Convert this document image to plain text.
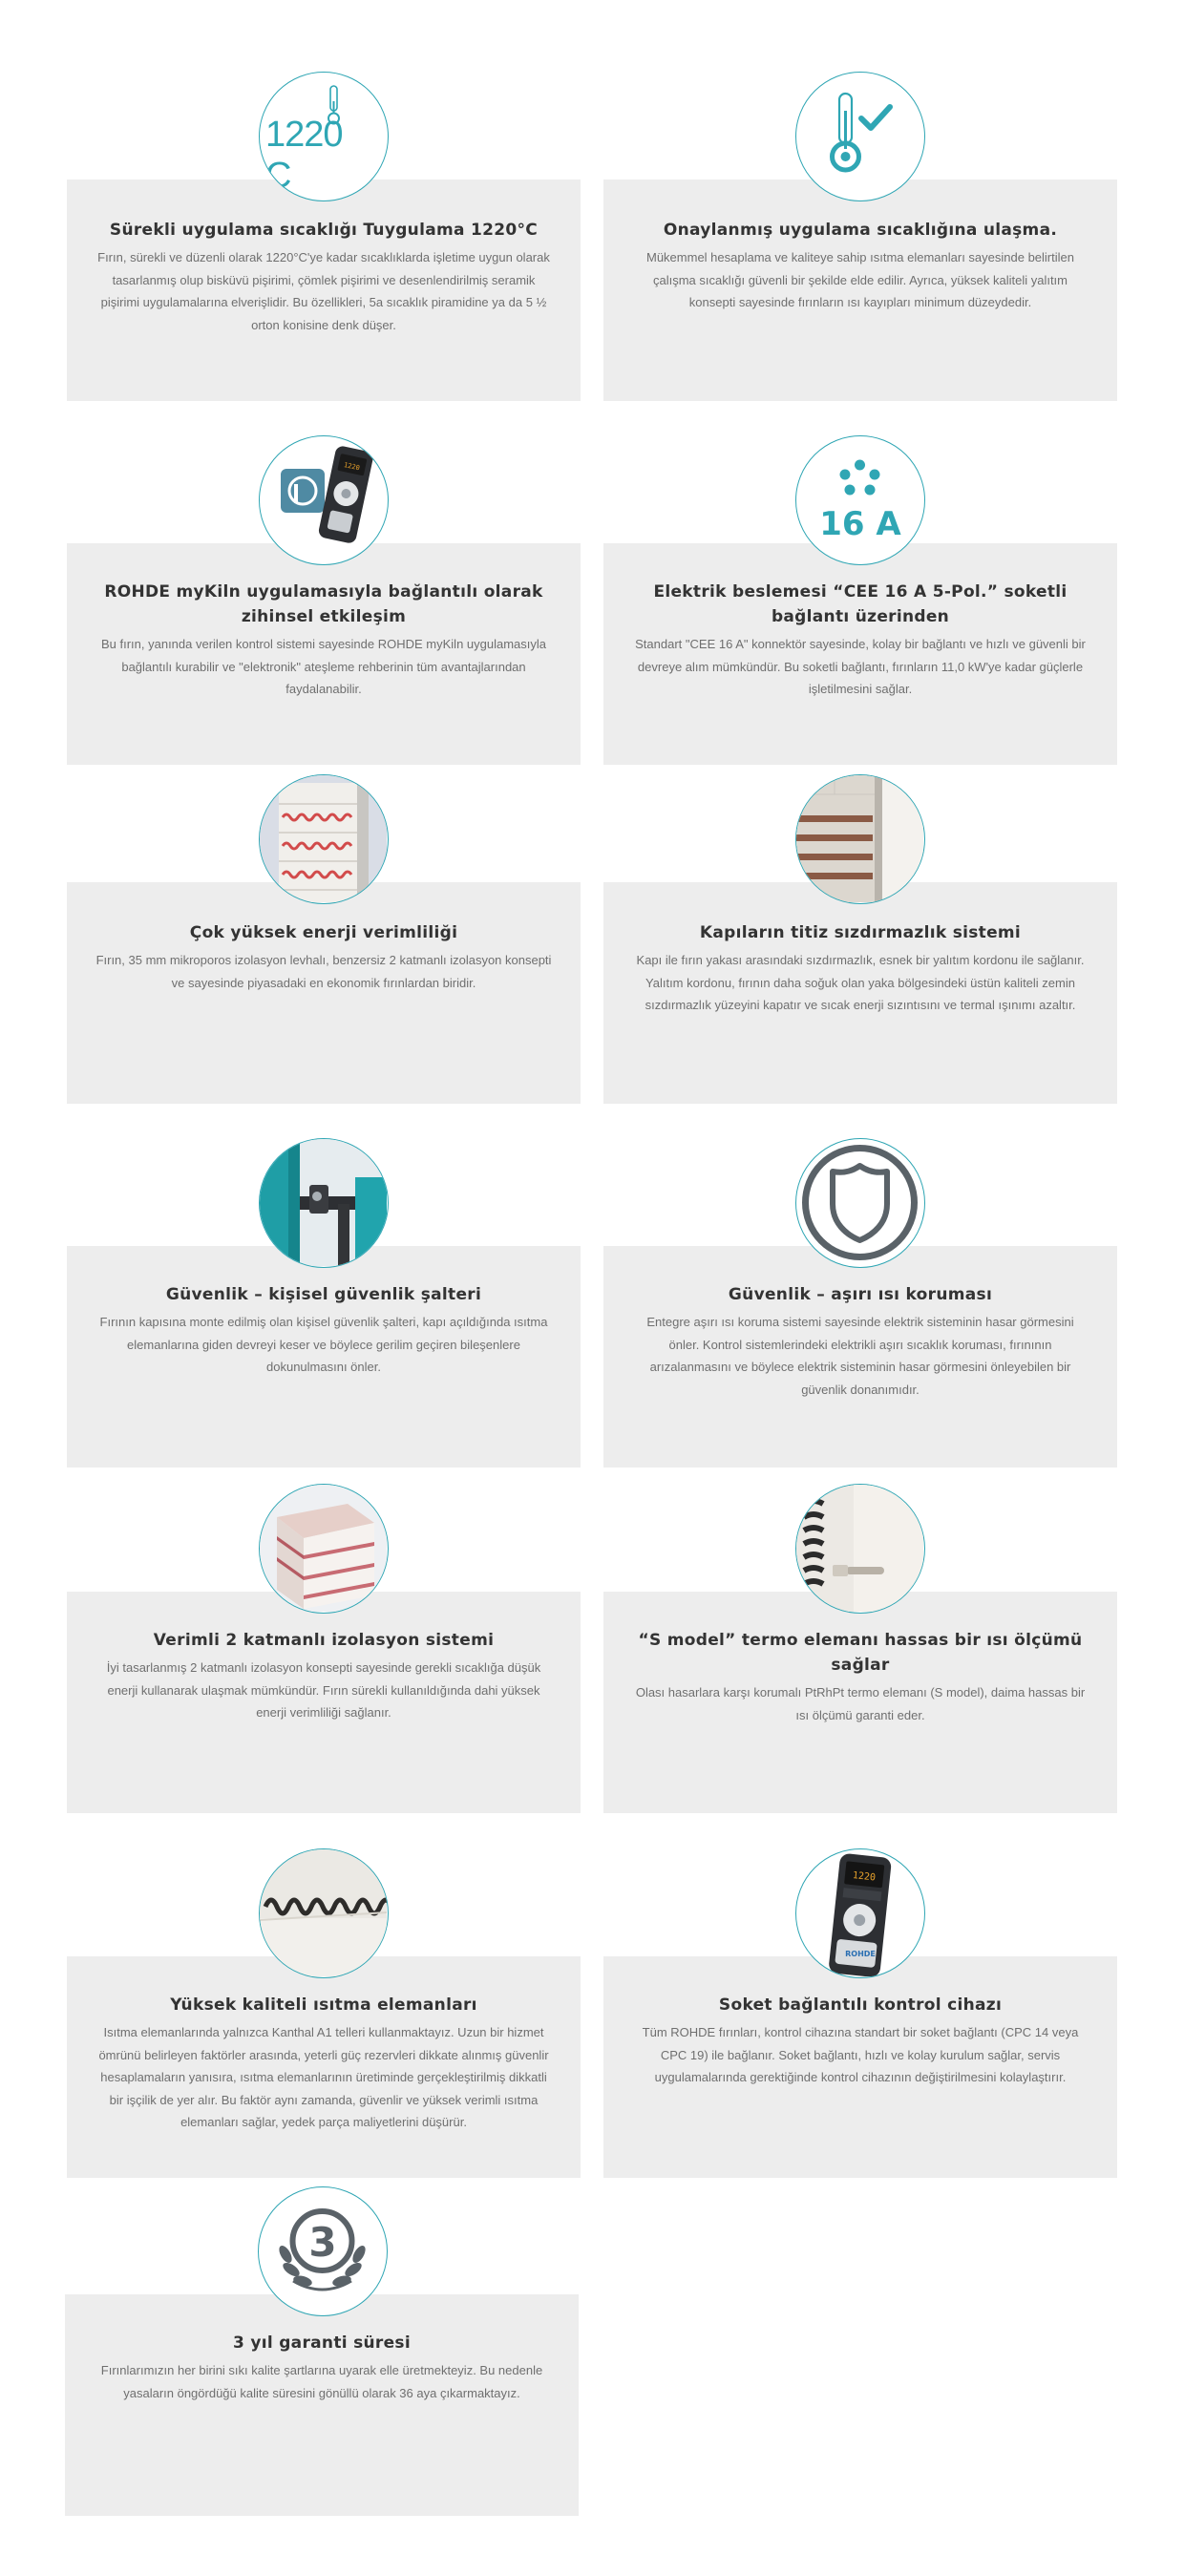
Sürekli uygulama sıcaklığı Tuygulama 1220°C

Fırın, sürekli ve düzenli olarak 1220°C'ye kadar sıcaklıklarda işletime uygun olarak tasarlanmış olup bisküvü pişirimi, çömlek pişirimi ve desenlendirilmiş seramik pişirimi uygulamalarına elverişlidir. Bu özellikleri, 5a sıcaklık piramidine ya da 5 ½ orton konisine denk düşer.

1220C
Onaylanmış uygulama sıcaklığına ulaşma.

Mükemmel hesaplama ve kaliteye sahip ısıtma elemanları sayesinde belirtilen çalışma sıcaklığı güvenli bir şekilde elde edilir. Ayrıca, yüksek kaliteli yalıtım konsepti sayesinde fırınların ısı kayıpları minimum düzeydedir.

ROHDE myKiln uygulamasıyla bağlantılı olarak zihinsel etkileşim

Bu fırın, yanında verilen kontrol sistemi sayesinde ROHDE myKiln uygulamasıyla bağlantılı kurabilir ve "elektronik" ateşleme rehberinin tüm avantajlarından faydalanabilir.

1220
Elektrik beslemesi “CEE 16 A 5-Pol.” soketli bağlantı üzerinden

Standart "CEE 16 A" konnektör sayesinde, kolay bir bağlantı ve hızlı ve güvenli bir devreye alım mümkündür. Bu soketli bağlantı, fırınların 11,0 kW'ye kadar güçlerle işletilmesini sağlar.

16 A
Çok yüksek enerji verimliliği

Fırın, 35 mm mikroporos izolasyon levhalı, benzersiz 2 katmanlı izolasyon konsepti ve sayesinde piyasadaki en ekonomik fırınlardan biridir.

Kapıların titiz sızdırmazlık sistemi

Kapı ile fırın yakası arasındaki sızdırmazlık, esnek bir yalıtım kordonu ile sağlanır. Yalıtım kordonu, fırının daha soğuk olan yaka bölgesindeki üstün kaliteli zemin sızdırmazlık yüzeyini kapatır ve sıcak enerji sızıntısını ve termal ışınımı azaltır.

Güvenlik – kişisel güvenlik şalteri

Fırının kapısına monte edilmiş olan kişisel güvenlik şalteri, kapı açıldığında ısıtma elemanlarına giden devreyi keser ve böylece gerilim geçiren bileşenlere dokunulmasını önler.

Güvenlik – aşırı ısı koruması

Entegre aşırı ısı koruma sistemi sayesinde elektrik sisteminin hasar görmesini önler. Kontrol sistemlerindeki elektrikli aşırı sıcaklık koruması, fırınının arızalanmasını ve böylece elektrik sisteminin hasar görmesini önleyebilen bir güvenlik donanımıdır.

Verimli 2 katmanlı izolasyon sistemi

İyi tasarlanmış 2 katmanlı izolasyon konsepti sayesinde gerekli sıcaklığa düşük enerji kullanarak ulaşmak mümkündür. Fırın sürekli kullanıldığında dahi yüksek enerji verimliliği sağlanır.

“S model” termo elemanı hassas bir ısı ölçümü sağlar

Olası hasarlara karşı korumalı PtRhPt termo elemanı (S model), daima hassas bir ısı ölçümü garanti eder.

Yüksek kaliteli ısıtma elemanları

Isıtma elemanlarında yalnızca Kanthal A1 telleri kullanmaktayız. Uzun bir hizmet ömrünü belirleyen faktörler arasında, yeterli güç rezervleri dikkate alınmış güvenlir hesaplamaların yanısıra, ısıtma elemanlarının üretiminde gerçekleştirilmiş dikkatli bir işçilik de yer alır. Bu faktör aynı zamanda, güvenlir ve yüksek verimli ısıtma elemanları sağlar, yedek parça maliyetlerini düşürür.

Soket bağlantılı kontrol cihazı

Tüm ROHDE fırınları, kontrol cihazına standart bir soket bağlantı (CPC 14 veya CPC 19) ile bağlanır. Soket bağlantı, hızlı ve kolay kurulum sağlar, servis uygulamalarında gerektiğinde kontrol cihazının değiştirilmesini kolaylaştırır.

1220
ROHDE
3 yıl garanti süresi

Fırınlarımızın her birini sıkı kalite şartlarına uyarak elle üretmekteyiz. Bu nedenle yasaların öngördüğü kalite süresini gönüllü olarak 36 aya çıkarmaktayız.

3
